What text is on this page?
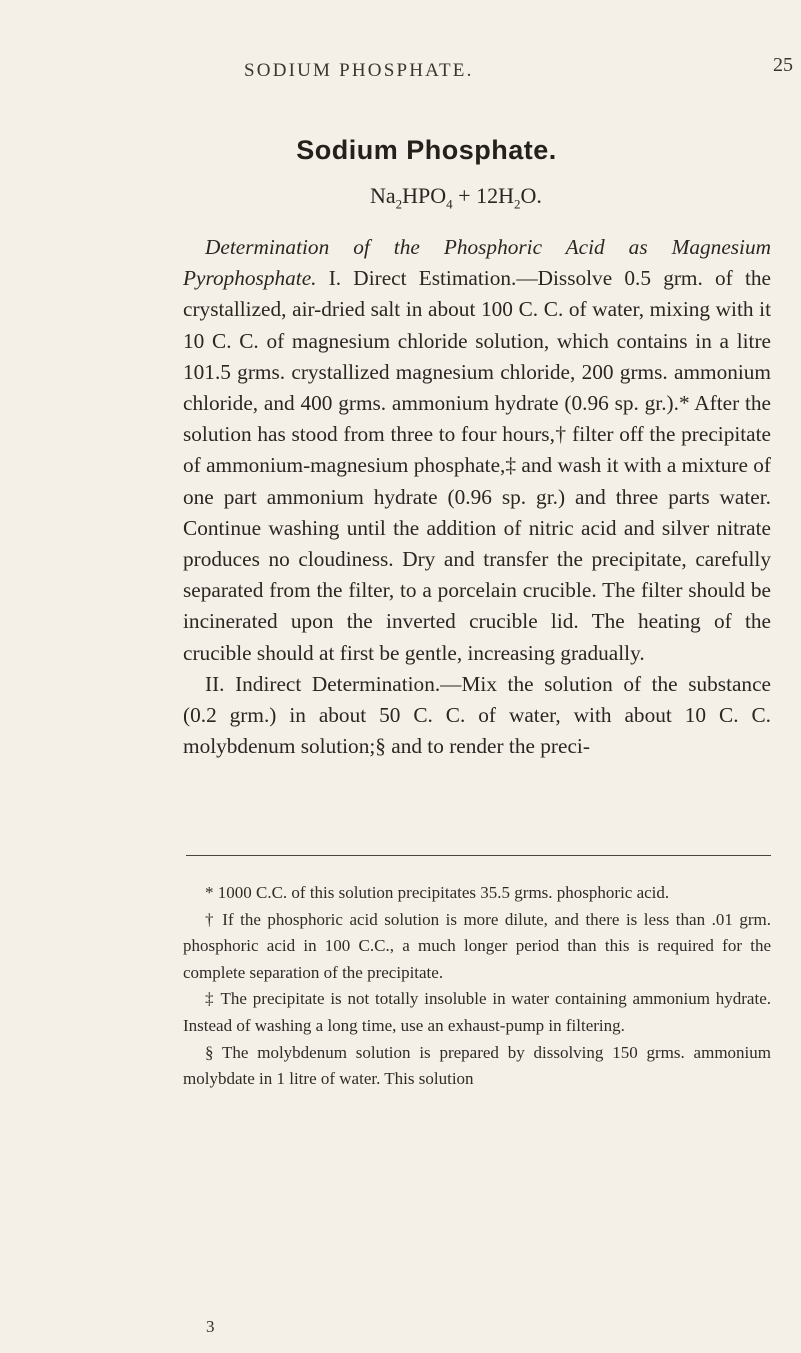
SODIUM PHOSPHATE.	25
Sodium Phosphate.
$Na_2HPO_4 + 12H_2O$.

Determination of the Phosphoric Acid as Magnesium Pyrophosphate. I. Direct Estimation.—Dissolve 0.5 grm. of the crystallized, air-dried salt in about 100 C. C. of water, mixing with it 10 C. C. of magnesium chloride solution, which contains in a litre 101.5 grms. crystallized magnesium chloride, 200 grms. ammonium chloride, and 400 grms. ammonium hydrate (0.96 sp. gr.).* After the solution has stood from three to four hours,† filter off the precipitate of ammonium-magnesium phosphate,‡ and wash it with a mixture of one part ammonium hydrate (0.96 sp. gr.) and three parts water. Continue washing until the addition of nitric acid and silver nitrate produces no cloudiness. Dry and transfer the precipitate, carefully separated from the filter, to a porcelain crucible. The filter should be incinerated upon the inverted crucible lid. The heating of the crucible should at first be gentle, increasing gradually.

II. Indirect Determination.—Mix the solution of the substance (0.2 grm.) in about 50 C. C. of water, with about 10 C. C. molybdenum solution;§ and to render the preci-

* 1000 C.C. of this solution precipitates 35.5 grms. phosphoric acid.

† If the phosphoric acid solution is more dilute, and there is less than .01 grm. phosphoric acid in 100 C.C., a much longer period than this is required for the complete separation of the precipitate.

‡ The precipitate is not totally insoluble in water containing ammonium hydrate. Instead of washing a long time, use an exhaust-pump in filtering.

§ The molybdenum solution is prepared by dissolving 150 grms. ammonium molybdate in 1 litre of water. This solution

3
